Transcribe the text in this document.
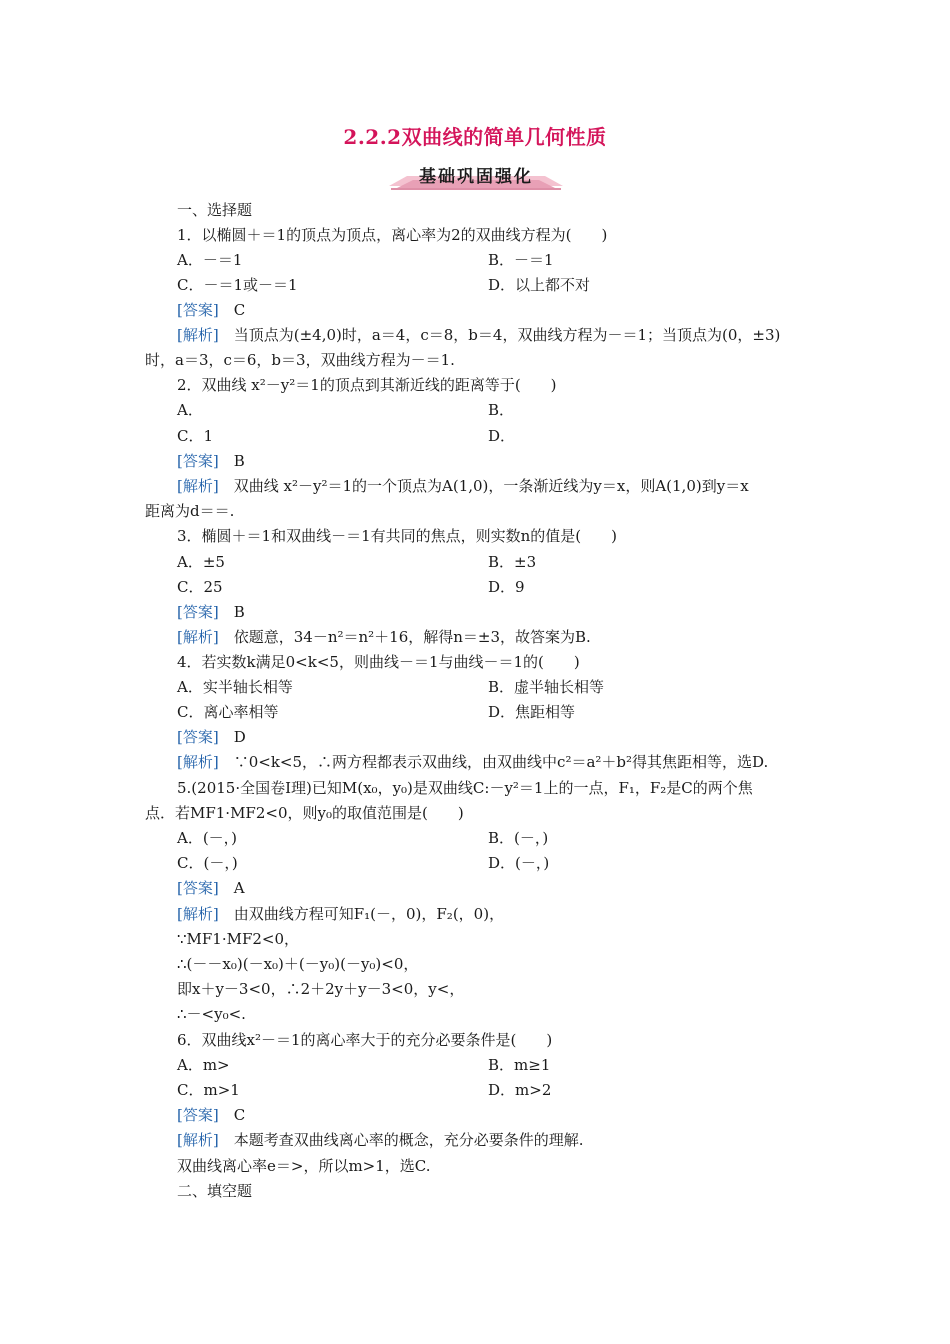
2.2.2双曲线的简单几何性质
基础巩固强化
一、选择题
1．以椭圆＋＝1的顶点为顶点，离心率为2的双曲线方程为(　　)
A．－＝1	B．－＝1
C．－＝1或－＝1	D．以上都不对
[答案]　 C
[解析]　 当顶点为(±4,0)时，a＝4，c＝8，b＝4，双曲线方程为－＝1；当顶点为(0，±3)
时，a＝3，c＝6，b＝3，双曲线方程为－＝1.
2．双曲线 x²－y²＝1的顶点到其渐近线的距离等于(　　)
A．	B．
C．1	D．
[答案]　 B
[解析]　 双曲线 x²－y²＝1的一个顶点为A(1,0)，一条渐近线为y＝x，则A(1,0)到y＝x
距离为d＝＝.
3．椭圆＋＝1和双曲线－＝1有共同的焦点，则实数n的值是(　　)
A．±5	B．±3
C．25	D．9
[答案]　 B
[解析]　 依题意，34－n²＝n²＋16，解得n＝±3，故答案为B.
4．若实数k满足0<k<5，则曲线－＝1与曲线－＝1的(　　)
A．实半轴长相等	B．虚半轴长相等
C．离心率相等	D．焦距相等
[答案]　 D
[解析]　 ∵0<k<5，∴两方程都表示双曲线，由双曲线中c²＝a²＋b²得其焦距相等，选D.
5.(2015·全国卷Ⅰ理)已知M(x₀，y₀)是双曲线C:－y²＝1上的一点，F₁，F₂是C的两个焦
点．若MF1·MF2<0，则y₀的取值范围是(　　)
A．(－，)	B．(－，)
C．(－，)	D．(－，)
[答案]　 A
[解析]　 由双曲线方程可知F₁(－，0)，F₂(，0)，
∵MF1·MF2<0，
∴(－－x₀)(－x₀)＋(－y₀)(－y₀)<0，
即x＋y－3<0，∴2＋2y＋y－3<0，y<，
∴－<y₀<.
6．双曲线x²－＝1的离心率大于的充分必要条件是(　　)
A．m>	B．m≥1
C．m>1	D．m>2
[答案]　 C
[解析]　 本题考查双曲线离心率的概念，充分必要条件的理解.
双曲线离心率e＝>，所以m>1，选C.
二、填空题
